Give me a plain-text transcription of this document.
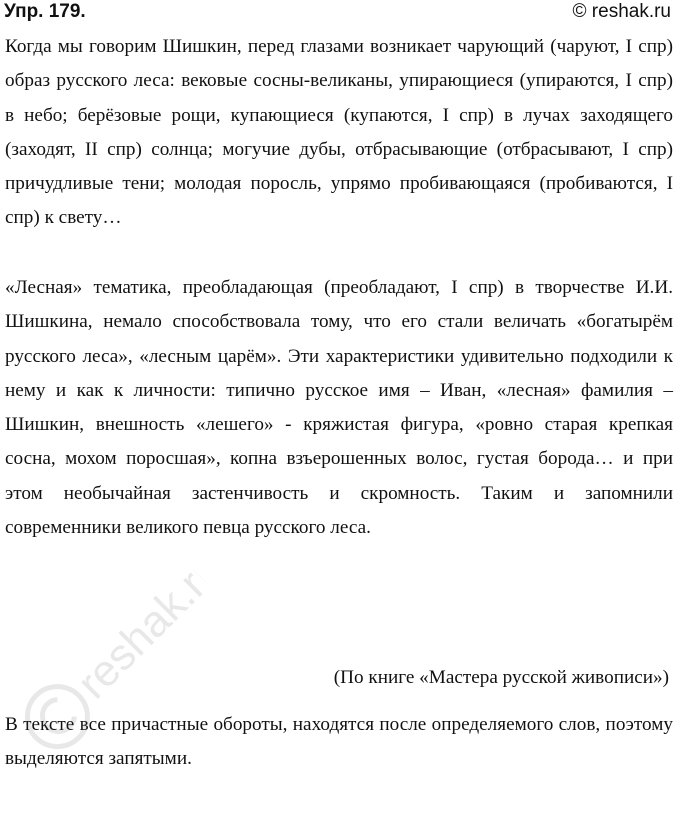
Упр. 179.	© reshak.ru

Когда мы говорим Шишкин, перед глазами возникает чарующий (чаруют, I спр) образ русского леса: вековые сосны-великаны, упирающиеся (упираются, I спр) в небо; берёзовые рощи, купающиеся (купаются, I спр) в лучах заходящего (заходят, II спр) солнца; могучие дубы, отбрасывающие (отбрасывают, I спр) причудливые тени; молодая поросль, упрямо пробивающаяся (пробиваются, I спр) к свету…

«Лесная» тематика, преобладающая (преобладают, I спр) в творчестве И.И. Шишкина, немало способствовала тому, что его стали величать «богатырём русского леса», «лесным царём». Эти характеристики удивительно подходили к нему и как к личности: типично русское имя – Иван, «лесная» фамилия – Шишкин, внешность «лешего» - кряжистая фигура, «ровно старая крепкая сосна, мохом поросшая», копна взъерошенных волос, густая борода… и при этом необычайная застенчивость и скромность. Таким и запомнили современники великого певца русского леса.

(По книге «Мастера русской живописи»)

В тексте все причастные обороты, находятся после определяемого слов, поэтому выделяются запятыми.

reshak.ru
